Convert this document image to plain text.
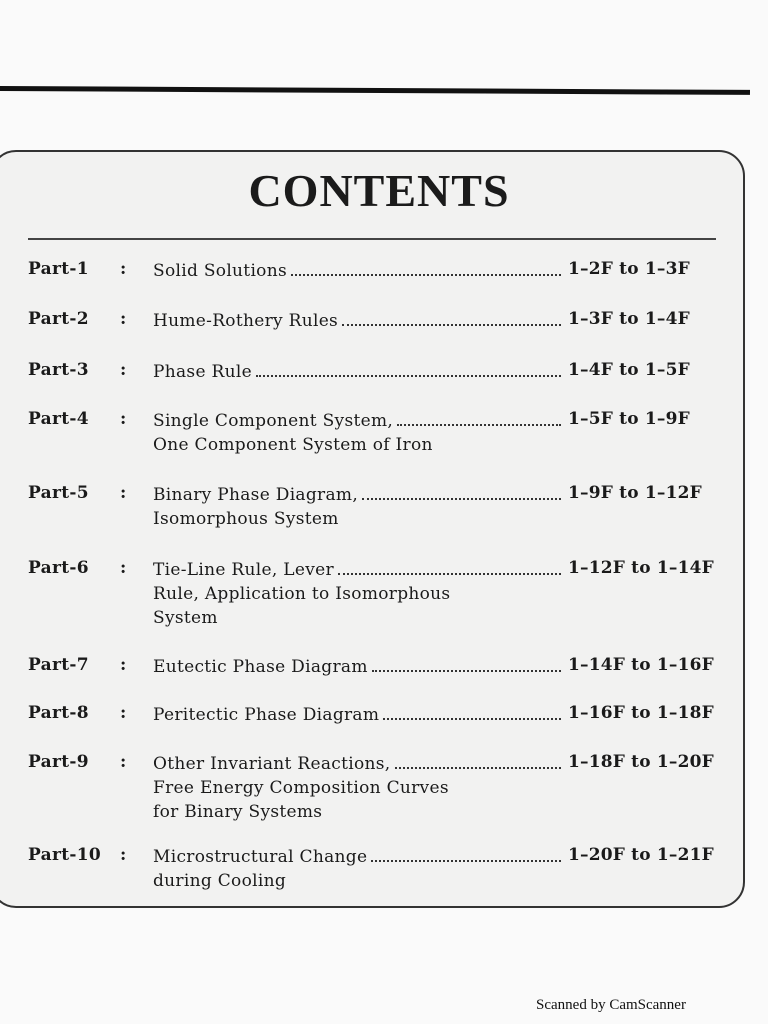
CONTENTS
Part-1 : Solid Solutions	1–2F to 1–3F
Part-2 : Hume-Rothery Rules	1–3F to 1–4F
Part-3 : Phase Rule	1–4F to 1–5F
Part-4 : Single Component System,
One Component System of Iron
1–5F to 1–9F
Part-5 : Binary Phase Diagram,
Isomorphous System
1–9F to 1–12F
Part-6 : Tie-Line Rule, Lever
Rule, Application to Isomorphous
System
1–12F to 1–14F
Part-7 : Eutectic Phase Diagram	1–14F to 1–16F
Part-8 : Peritectic Phase Diagram	1–16F to 1–18F
Part-9 : Other Invariant Reactions,
Free Energy Composition Curves
for Binary Systems
1–18F to 1–20F
Part-10 : Microstructural Change
during Cooling
1–20F to 1–21F
Scanned by CamScanner
